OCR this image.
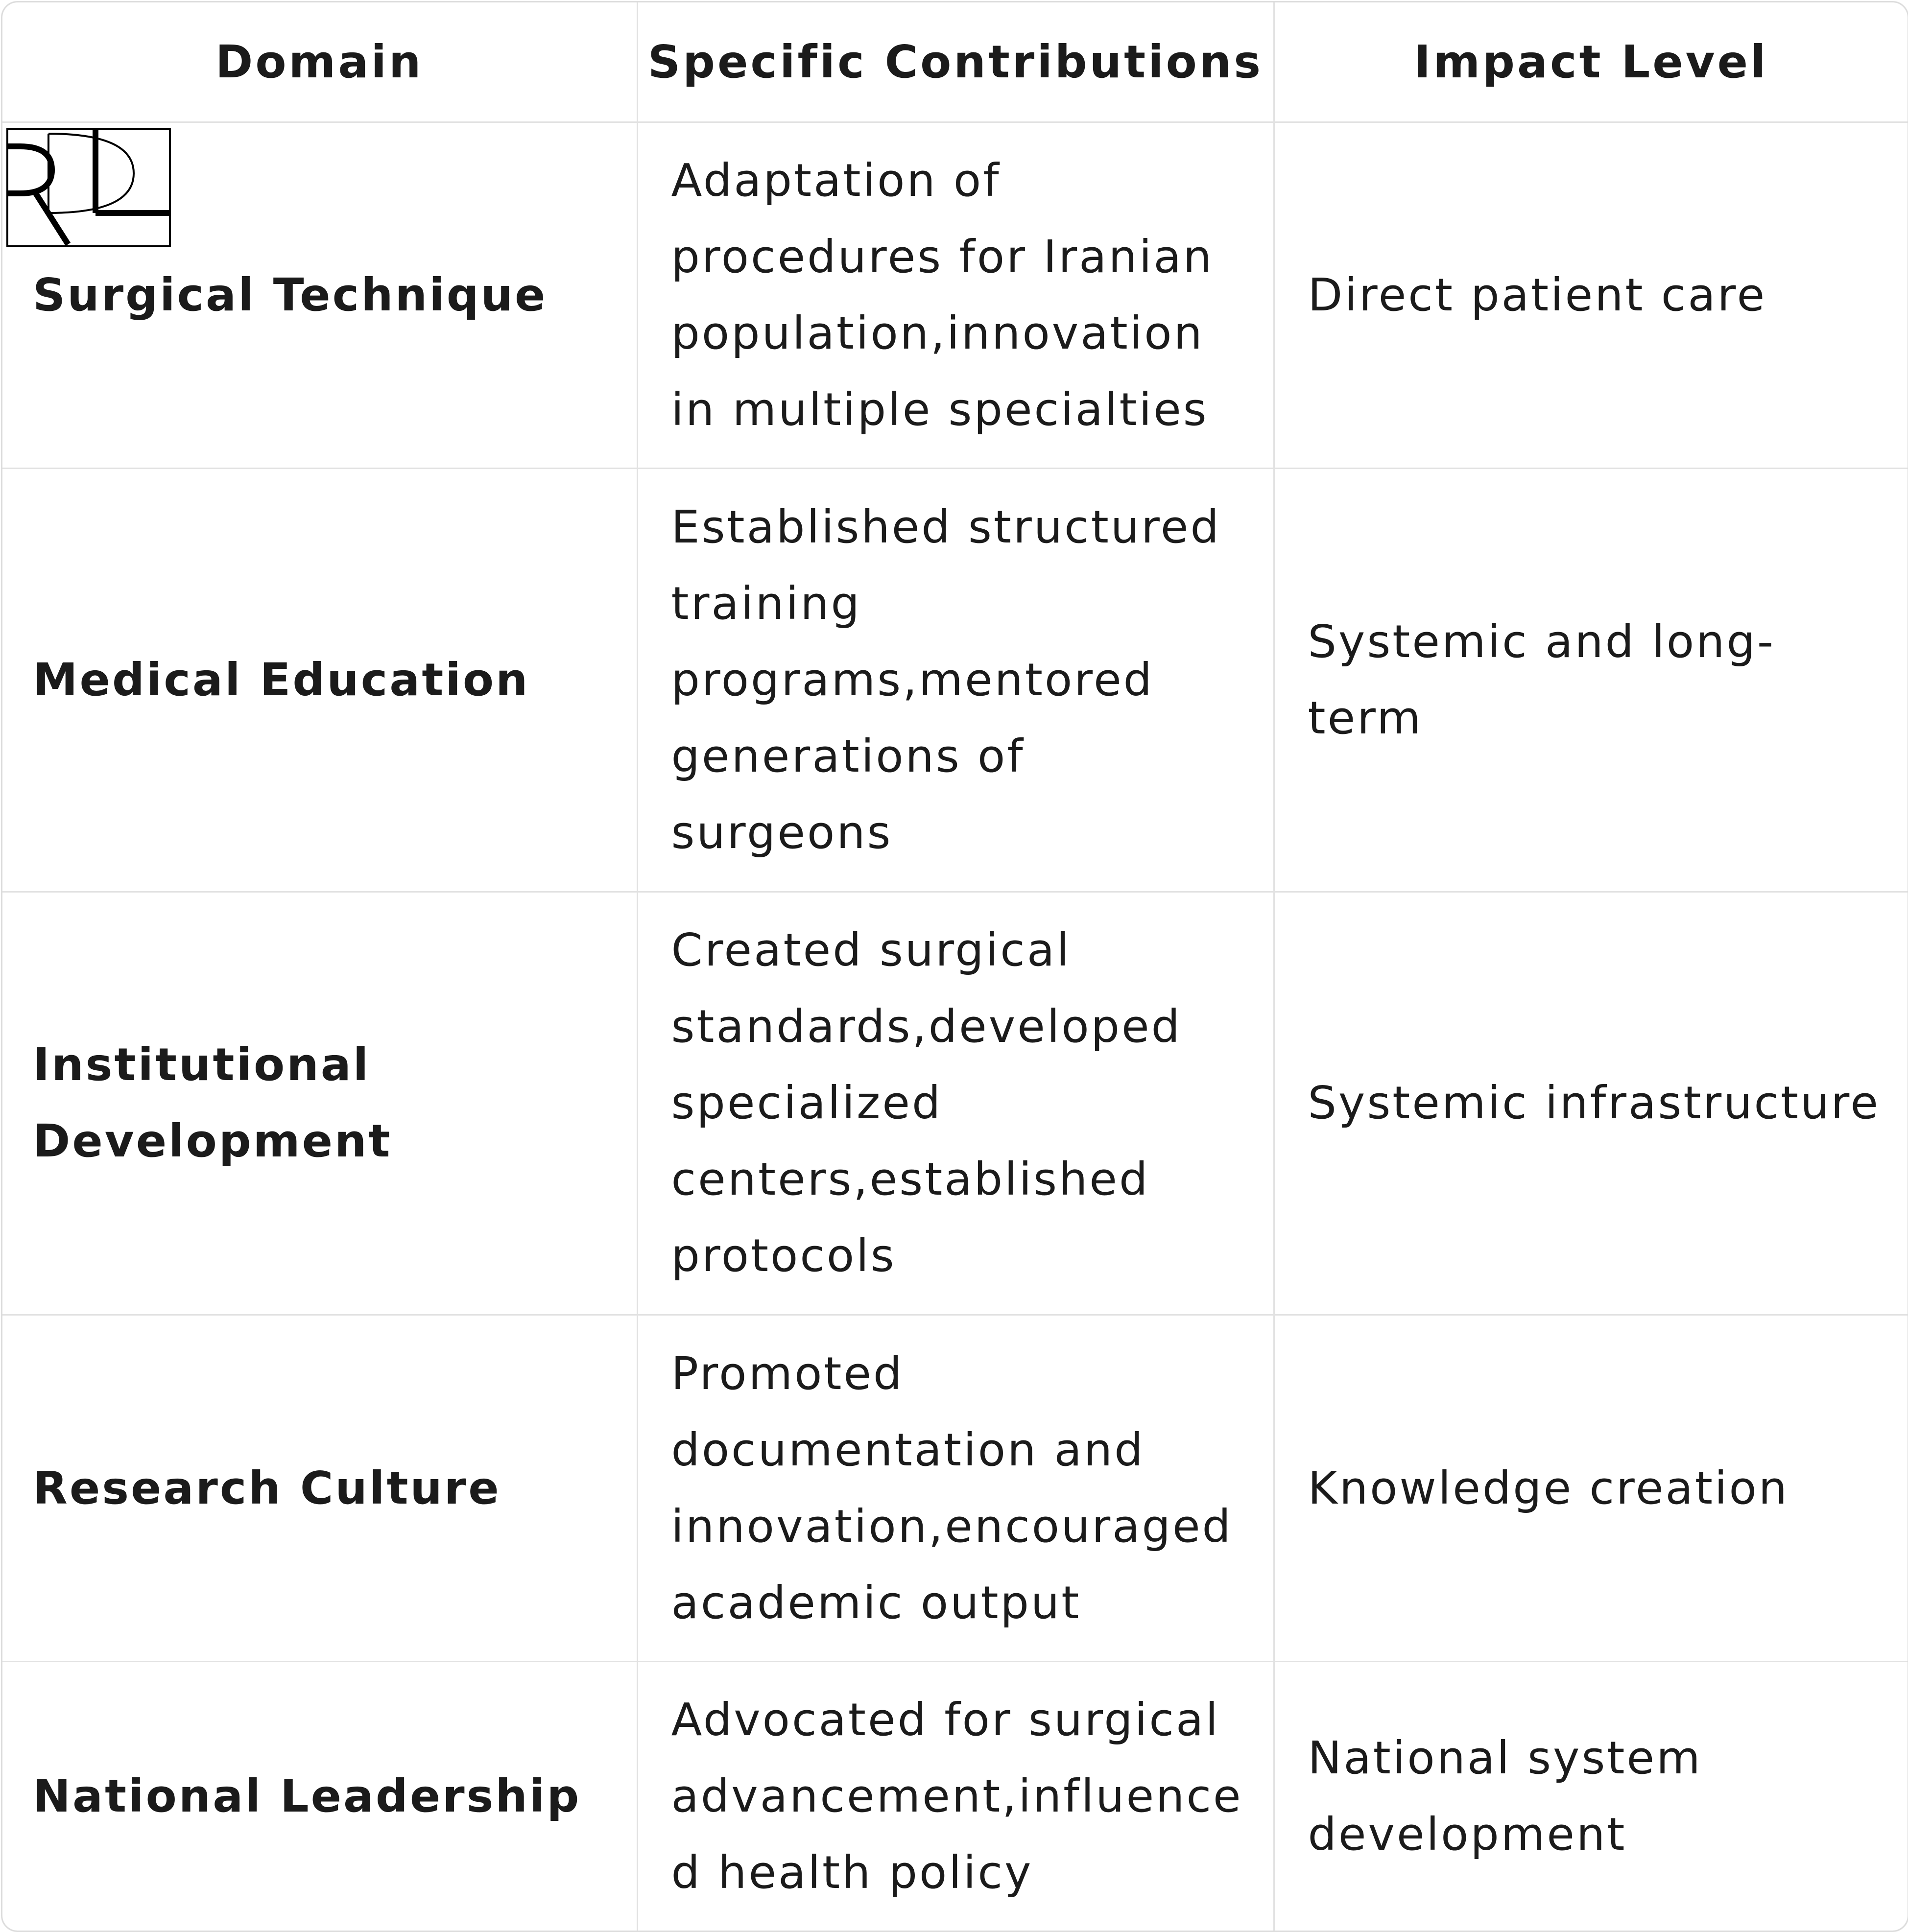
Domain	Specific Contributions	Impact Level

Surgical Technique	Adaptation of procedures for Iranian population,innovation in multiple specialties	Direct patient care
Medical Education	Established structured training programs,mentored generations of surgeons	Systemic and long-term
Institutional Development	Created surgical standards,developed specialized centers,established protocols	Systemic infrastructure
Research Culture	Promoted documentation and innovation,encouraged academic output	Knowledge creation
National Leadership	Advocated for surgical advancement,influenced health policy	National system development
